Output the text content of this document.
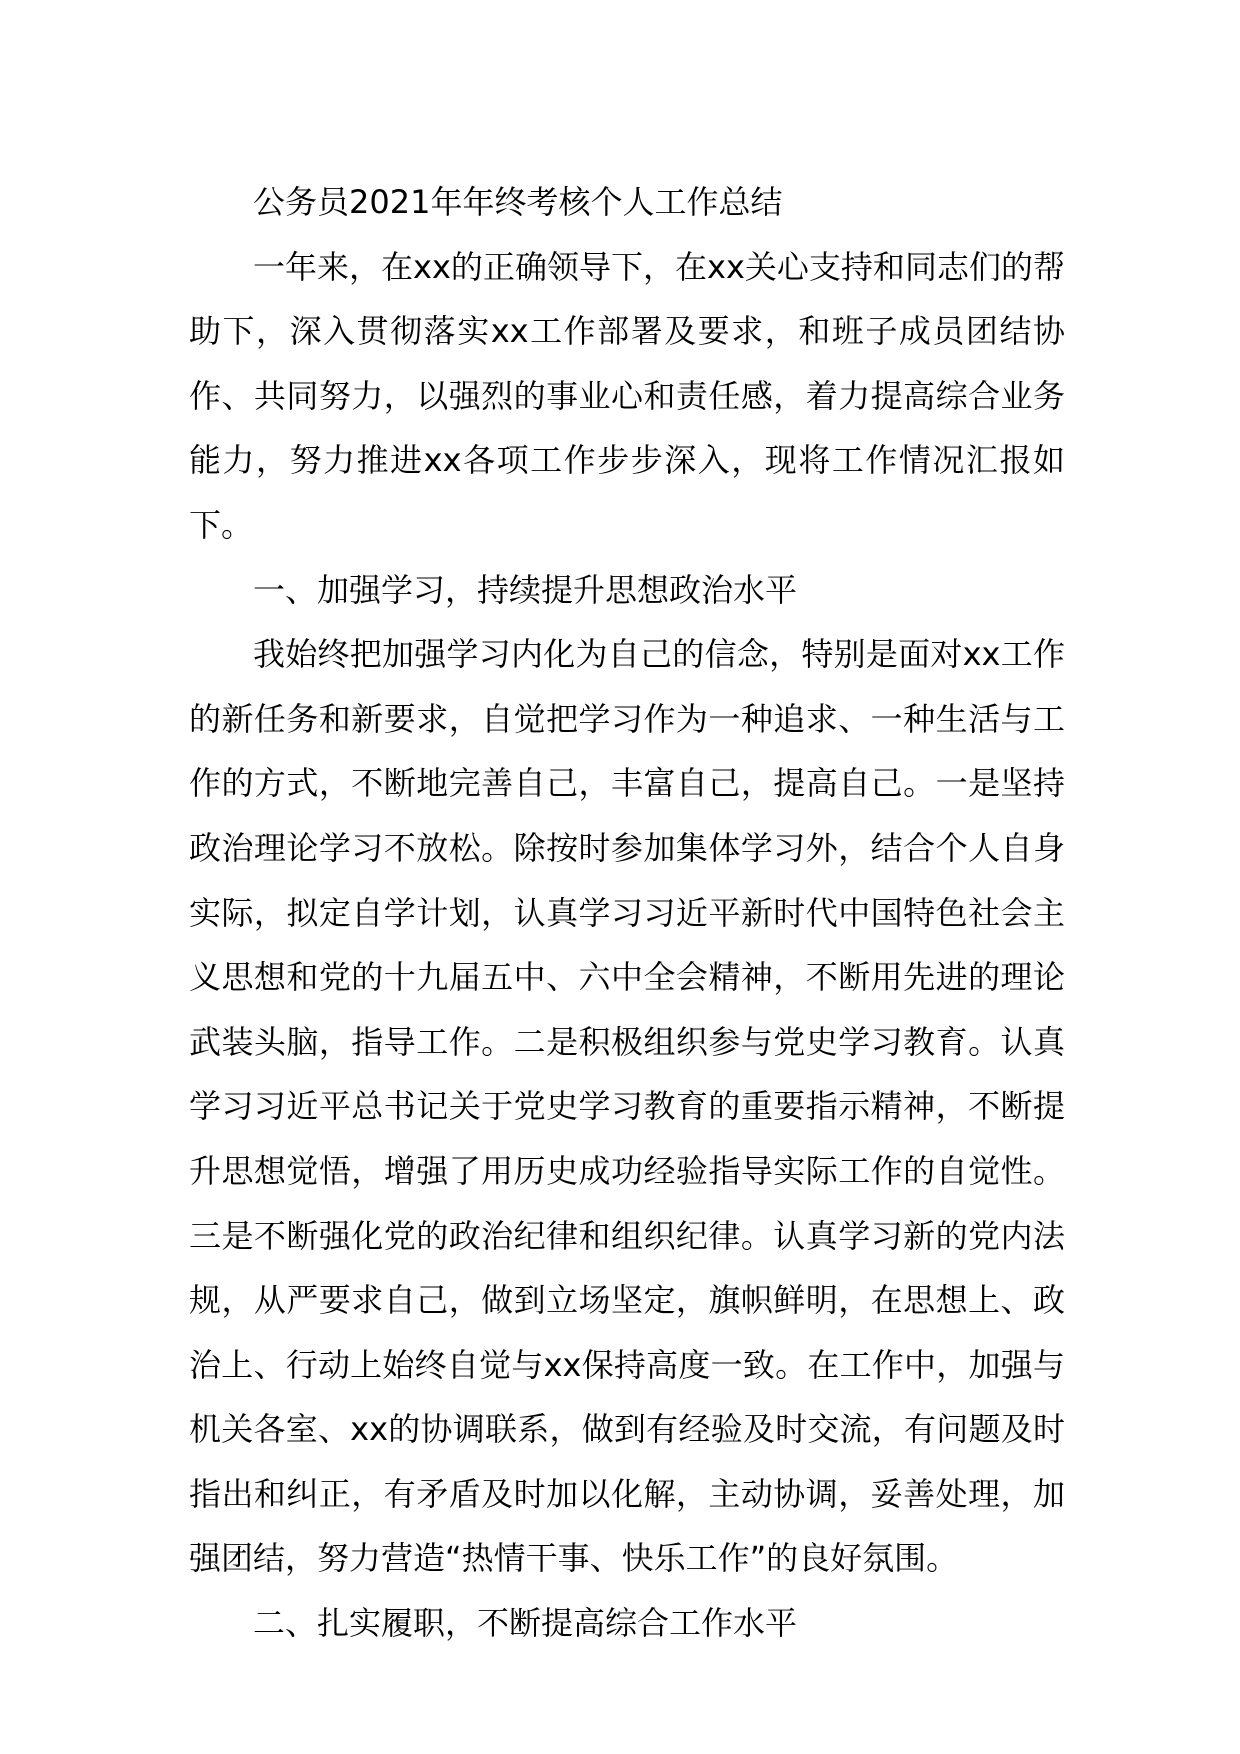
公务员2021年年终考核个人工作总结

一年来，在xx的正确领导下，在xx关心支持和同志们的帮助下，深入贯彻落实xx工作部署及要求，和班子成员团结协作、共同努力，以强烈的事业心和责任感，着力提高综合业务能力，努力推进xx各项工作步步深入，现将工作情况汇报如下。

一、加强学习，持续提升思想政治水平

我始终把加强学习内化为自己的信念，特别是面对xx工作的新任务和新要求，自觉把学习作为一种追求、一种生活与工作的方式，不断地完善自己，丰富自己，提高自己。一是坚持政治理论学习不放松。除按时参加集体学习外，结合个人自身实际，拟定自学计划，认真学习习近平新时代中国特色社会主义思想和党的十九届五中、六中全会精神，不断用先进的理论武装头脑，指导工作。二是积极组织参与党史学习教育。认真学习习近平总书记关于党史学习教育的重要指示精神，不断提升思想觉悟，增强了用历史成功经验指导实际工作的自觉性。三是不断强化党的政治纪律和组织纪律。认真学习新的党内法规，从严要求自己，做到立场坚定，旗帜鲜明，在思想上、政治上、行动上始终自觉与xx保持高度一致。在工作中，加强与机关各室、xx的协调联系，做到有经验及时交流，有问题及时指出和纠正，有矛盾及时加以化解，主动协调，妥善处理，加强团结，努力营造“热情干事、快乐工作”的良好氛围。

二、扎实履职，不断提高综合工作水平
